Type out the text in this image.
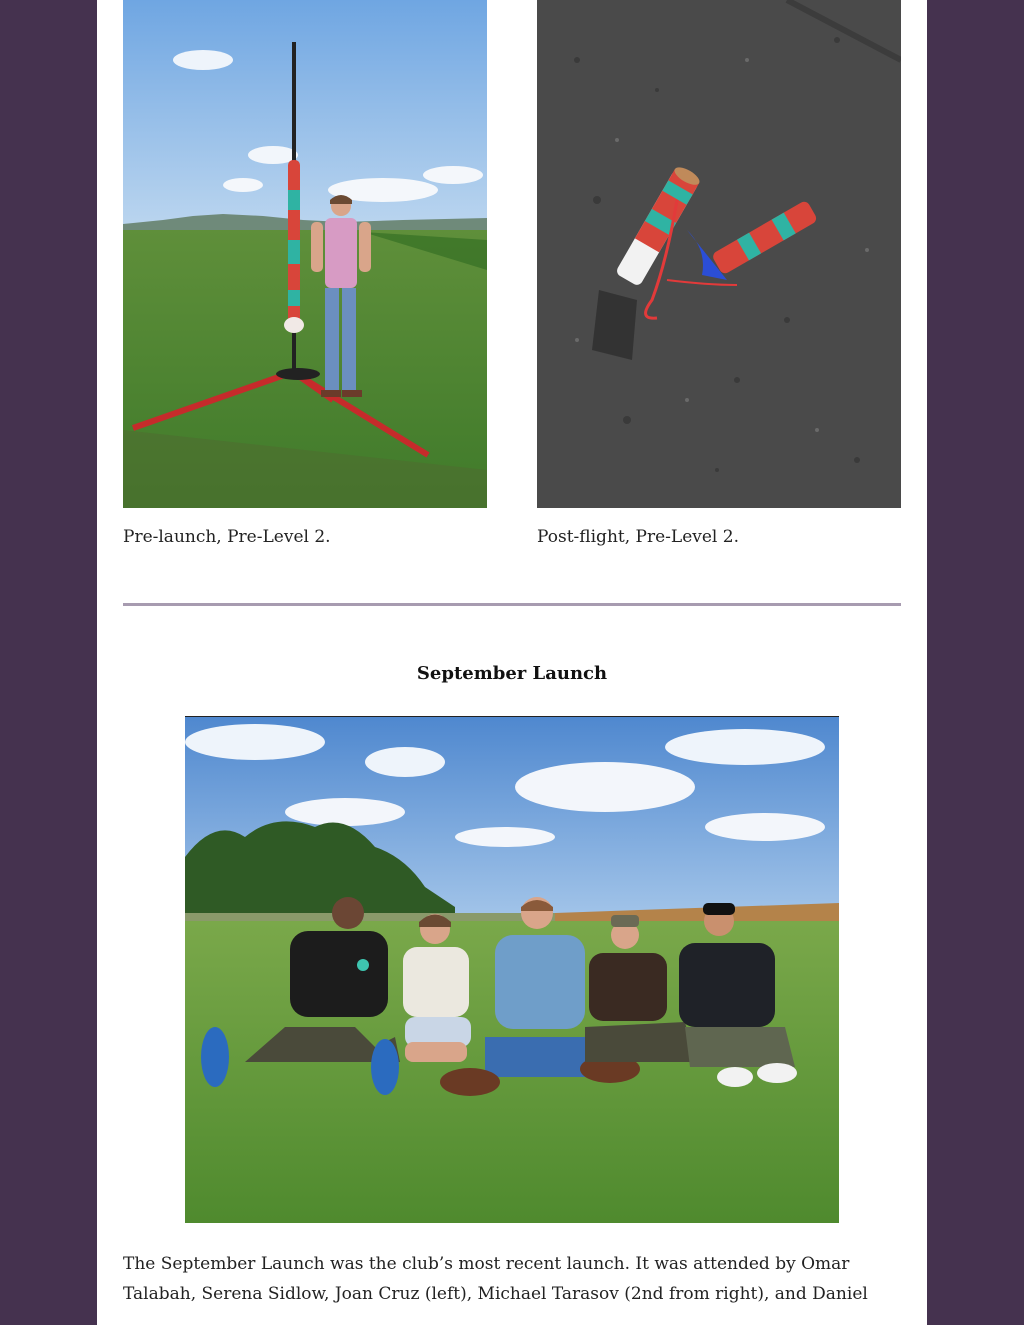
Pre-launch, Pre-Level 2.	Post-flight, Pre-Level 2.
September Launch
The September Launch was the club’s most recent launch. It was attended by Omar
Talabah, Serena Sidlow, Joan Cruz (left), Michael Tarasov (2nd from right), and Daniel
